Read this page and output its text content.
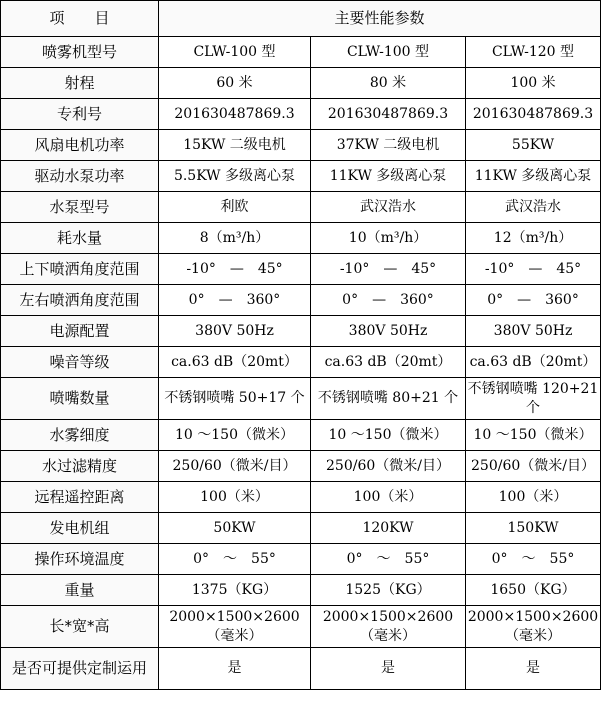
项　　目	主要性能参数		
喷雾机型号	CLW-100 型	CLW-100 型	CLW-120 型
射程	60 米	80 米	100 米
专利号	201630487869.3	201630487869.3	201630487869.3
风扇电机功率	15KW 二级电机	37KW 二级电机	55KW
驱动水泵功率	5.5KW 多级离心泵	11KW 多级离心泵	11KW 多级离心泵
水泵型号	利欧	武汉浩水	武汉浩水
耗水量	8（m³/h）	10（m³/h）	12（m³/h）
上下喷洒角度范围	-10°　—　45°	-10°　—　45°	-10°　—　45°
左右喷洒角度范围	0°　—　360°	0°　—　360°	0°　—　360°
电源配置	380V 50Hz	380V 50Hz	380V 50Hz
噪音等级	ca.63 dB（20mt）	ca.63 dB（20mt）	ca.63 dB（20mt）
喷嘴数量	不锈钢喷嘴 50+17 个	不锈钢喷嘴 80+21 个	不锈钢喷嘴 120+21 个
水雾细度	10 ～150（微米）	10 ～150（微米）	10 ～150（微米）
水过滤精度	250/60（微米/目）	250/60（微米/目）	250/60（微米/目）
远程遥控距离	100（米）	100（米）	100（米）
发电机组	50KW	120KW	150KW
操作环境温度	0°　～　55°	0°　～　55°	0°　～　55°
重量	1375（KG）	1525（KG）	1650（KG）
长*宽*高	2000×1500×2600（毫米）	2000×1500×2600（毫米）	2000×1500×2600（毫米）
是否可提供定制运用	是	是	是
